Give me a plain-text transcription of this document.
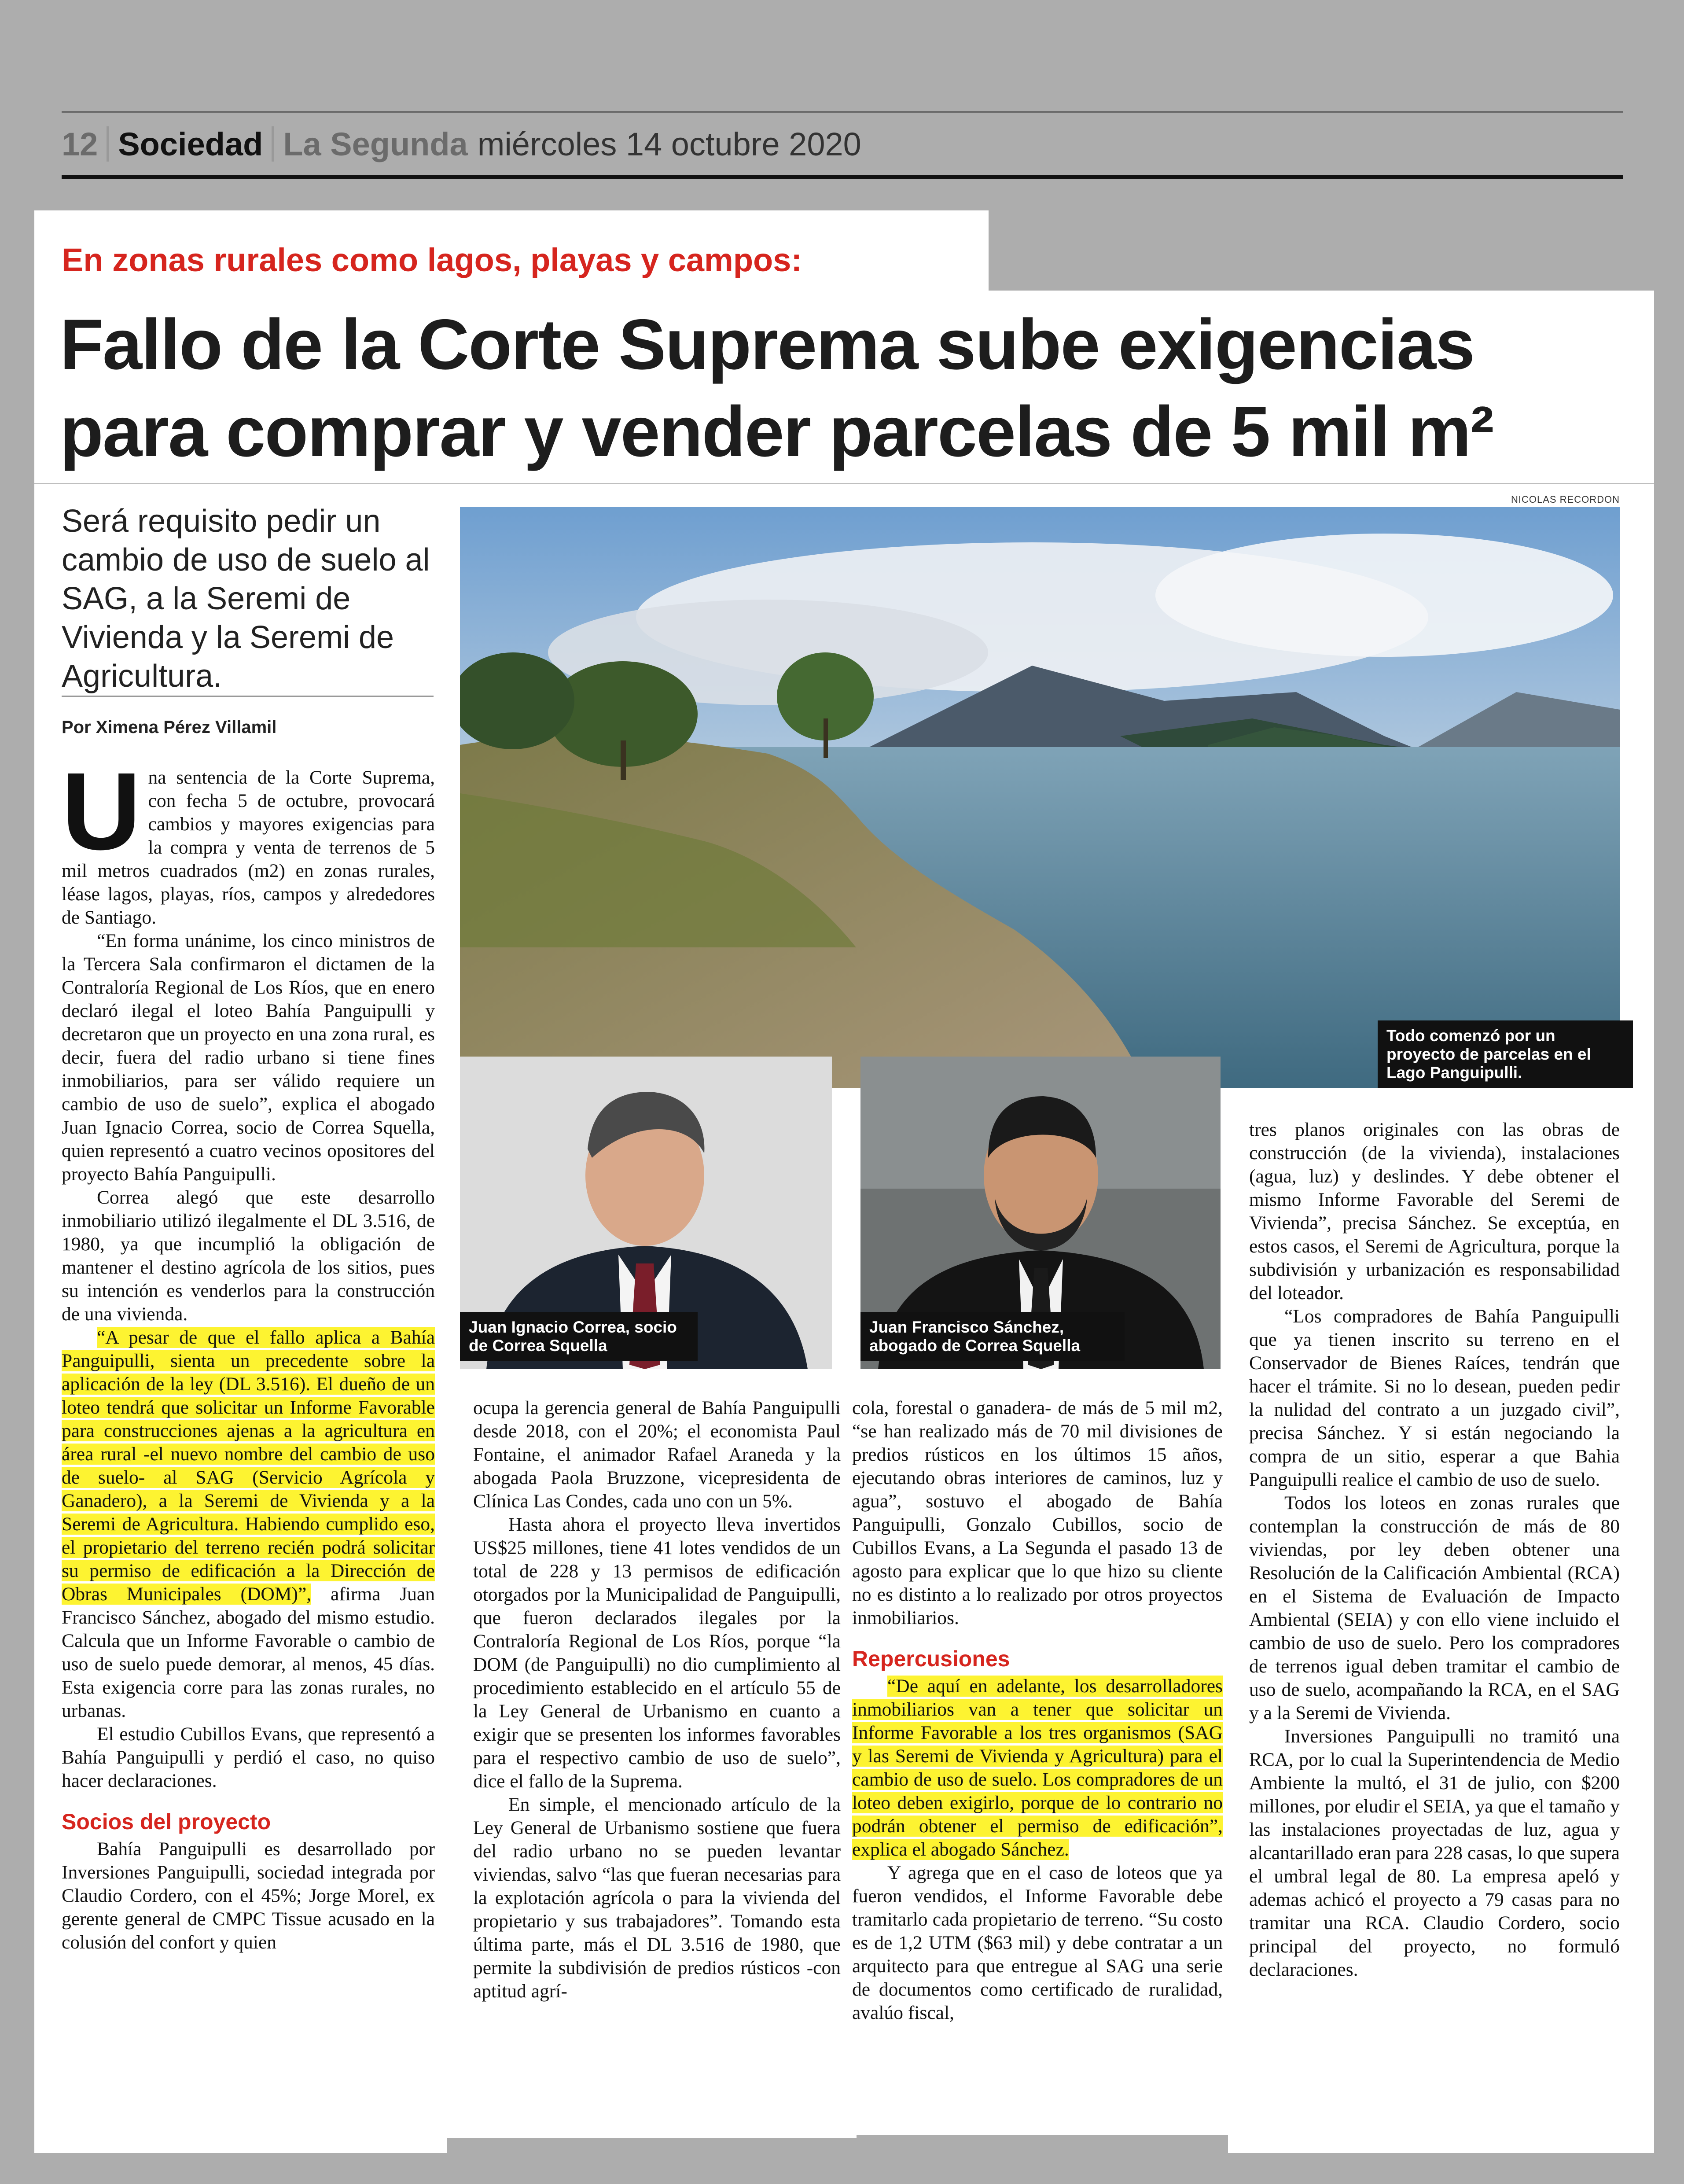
12 Sociedad La Segunda miércoles 14 octubre 2020
En zonas rurales como lagos, playas y campos:
Fallo de la Corte Suprema sube exigencias
para comprar y vender parcelas de 5 mil m²
Será requisito pedir un cambio de uso de suelo al SAG, a la Seremi de Vivienda y la Seremi de Agricultura.
Por Ximena Pérez Villamil

Una sentencia de la Corte Suprema, con fecha 5 de octubre, provocará cambios y mayores exigencias para la compra y venta de terrenos de 5 mil metros cuadrados (m2) en zonas rurales, léase lagos, playas, ríos, campos y alrededores de Santiago.

“En forma unánime, los cinco ministros de la Tercera Sala confirmaron el dictamen de la Contraloría Regional de Los Ríos, que en enero declaró ilegal el loteo Bahía Panguipulli y decretaron que un proyecto en una zona rural, es decir, fuera del radio urbano si tiene fines inmobiliarios, para ser válido requiere un cambio de uso de suelo”, explica el abogado Juan Ignacio Correa, socio de Correa Squella, quien representó a cuatro vecinos opositores del proyecto Bahía Panguipulli.

Correa alegó que este desarrollo inmobiliario utilizó ilegalmente el DL 3.516, de 1980, ya que incumplió la obligación de mantener el destino agrícola de los sitios, pues su intención es venderlos para la construcción de una vivienda.

“A pesar de que el fallo aplica a Bahía Panguipulli, sienta un precedente sobre la aplicación de la ley (DL 3.516). El dueño de un loteo tendrá que solicitar un Informe Favorable para construcciones ajenas a la agricultura en área rural -el nuevo nombre del cambio de uso de suelo- al SAG (Servicio Agrícola y Ganadero), a la Seremi de Vivienda y a la Seremi de Agricultura. Habiendo cumplido eso, el propietario del terreno recién podrá solicitar su permiso de edificación a la Dirección de Obras Municipales (DOM)”, afirma Juan Francisco Sánchez, abogado del mismo estudio. Calcula que un Informe Favorable o cambio de uso de suelo puede demorar, al menos, 45 días. Esta exigencia corre para las zonas rurales, no urbanas.

El estudio Cubillos Evans, que representó a Bahía Panguipulli y perdió el caso, no quiso hacer declaraciones.

Socios del proyecto

Bahía Panguipulli es desarrollado por Inversiones Panguipulli, sociedad integrada por Claudio Cordero, con el 45%; Jorge Morel, ex gerente general de CMPC Tissue acusado en la colusión del confort y quien

NICOLAS RECORDON
Todo comenzó por un proyecto de parcelas en el Lago Panguipulli.
Juan Ignacio Correa, socio de Correa Squella
Juan Francisco Sánchez, abogado de Correa Squella

ocupa la gerencia general de Bahía Panguipulli desde 2018, con el 20%; el economista Paul Fontaine, el animador Rafael Araneda y la abogada Paola Bruzzone, vicepresidenta de Clínica Las Condes, cada uno con un 5%.

Hasta ahora el proyecto lleva invertidos US$25 millones, tiene 41 lotes vendidos de un total de 228 y 13 permisos de edificación otorgados por la Municipalidad de Panguipulli, que fueron declarados ilegales por la Contraloría Regional de Los Ríos, porque “la DOM (de Panguipulli) no dio cumplimiento al procedimiento establecido en el artículo 55 de la Ley General de Urbanismo en cuanto a exigir que se presenten los informes favorables para el respectivo cambio de uso de suelo”, dice el fallo de la Suprema.

En simple, el mencionado artículo de la Ley General de Urbanismo sostiene que fuera del radio urbano no se pueden levantar viviendas, salvo “las que fueran necesarias para la explotación agrícola o para la vivienda del propietario y sus trabajadores”. Tomando esta última parte, más el DL 3.516 de 1980, que permite la subdivisión de predios rústicos -con aptitud agrí-

cola, forestal o ganadera- de más de 5 mil m2, “se han realizado más de 70 mil divisiones de predios rústicos en los últimos 15 años, ejecutando obras interiores de caminos, luz y agua”, sostuvo el abogado de Bahía Panguipulli, Gonzalo Cubillos, socio de Cubillos Evans, a La Segunda el pasado 13 de agosto para explicar que lo que hizo su cliente no es distinto a lo realizado por otros proyectos inmobiliarios.

Repercusiones

“De aquí en adelante, los desarrolladores inmobiliarios van a tener que solicitar un Informe Favorable a los tres organismos (SAG y las Seremi de Vivienda y Agricultura) para el cambio de uso de suelo. Los compradores de un loteo deben exigirlo, porque de lo contrario no podrán obtener el permiso de edificación”, explica el abogado Sánchez.

Y agrega que en el caso de loteos que ya fueron vendidos, el Informe Favorable debe tramitarlo cada propietario de terreno. “Su costo es de 1,2 UTM ($63 mil) y debe contratar a un arquitecto para que entregue al SAG una serie de documentos como certificado de ruralidad, avalúo fiscal,

tres planos originales con las obras de construcción (de la vivienda), instalaciones (agua, luz) y deslindes. Y debe obtener el mismo Informe Favorable del Seremi de Vivienda”, precisa Sánchez. Se exceptúa, en estos casos, el Seremi de Agricultura, porque la subdivisión y urbanización es responsabilidad del loteador.

“Los compradores de Bahía Panguipulli que ya tienen inscrito su terreno en el Conservador de Bienes Raíces, tendrán que hacer el trámite. Si no lo desean, pueden pedir la nulidad del contrato a un juzgado civil”, precisa Sánchez. Y si están negociando la compra de un sitio, esperar a que Bahia Panguipulli realice el cambio de uso de suelo.

Todos los loteos en zonas rurales que contemplan la construcción de más de 80 viviendas, por ley deben obtener una Resolución de la Calificación Ambiental (RCA) en el Sistema de Evaluación de Impacto Ambiental (SEIA) y con ello viene incluido el cambio de uso de suelo. Pero los compradores de terrenos igual deben tramitar el cambio de uso de suelo, acompañando la RCA, en el SAG y a la Seremi de Vivienda.

Inversiones Panguipulli no tramitó una RCA, por lo cual la Superintendencia de Medio Ambiente la multó, el 31 de julio, con $200 millones, por eludir el SEIA, ya que el tamaño y las instalaciones proyectadas de luz, agua y alcantarillado eran para 228 casas, lo que supera el umbral legal de 80. La empresa apeló y ademas achicó el proyecto a 79 casas para no tramitar una RCA. Claudio Cordero, socio principal del proyecto, no formuló declaraciones.
